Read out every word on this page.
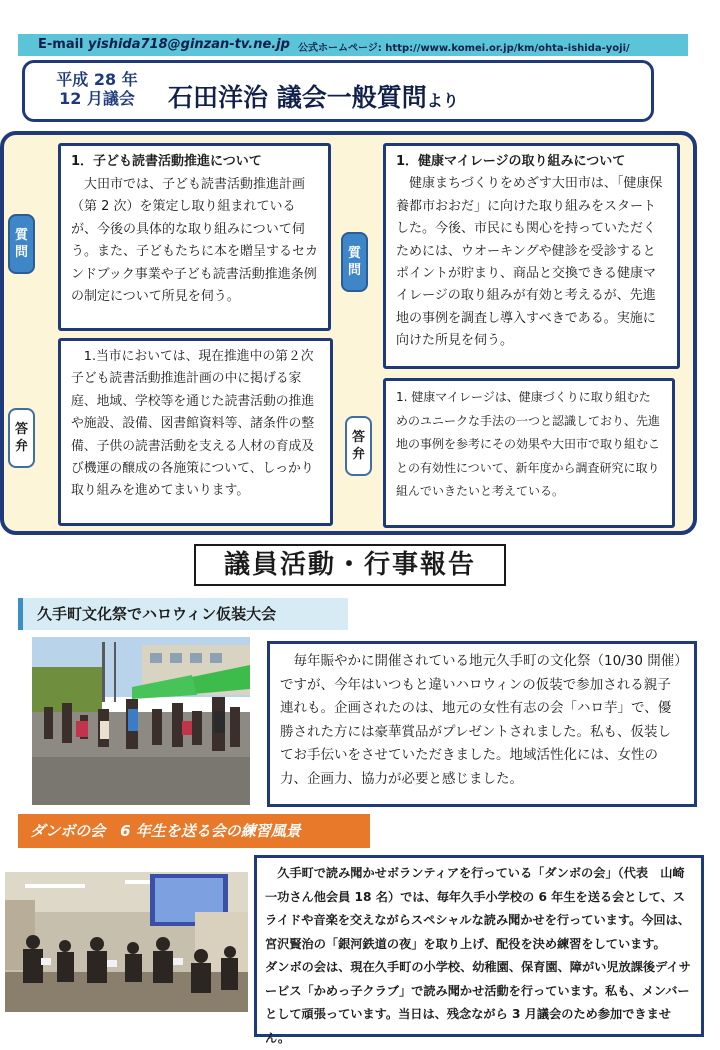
E-mail yishida718@ginzan-tv.ne.jp 公式ホームページ: http://www.komei.or.jp/km/ohta-ishida-yoji/
平成 28 年
12 月議会	石田洋治 議会一般質問より
1．子ども読書活動推進について
大田市では、子ども読書活動推進計画（第 2 次）を策定し取り組まれているが、今後の具体的な取り組みについて伺う。また、子どもたちに本を贈呈するセカンドブック事業や子ども読書活動推進条例の制定について所見を伺う。
質
問
1.当市においては、現在推進中の第２次子ども読書活動推進計画の中に掲げる家庭、地域、学校等を通じた読書活動の推進や施設、設備、図書館資料等、諸条件の整備、子供の読書活動を支える人材の育成及び機運の醸成の各施策について、しっかり取り組みを進めてまいります。
答
弁
1．健康マイレージの取り組みについて
健康まちづくりをめざす大田市は、「健康保養都市おおだ」に向けた取り組みをスタートした。今後、市民にも関心を持っていただくためには、ウオーキングや健診を受診するとポイントが貯まり、商品と交換できる健康マイレージの取り組みが有効と考えるが、先進地の事例を調査し導入すべきである。実施に向けた所見を伺う。
質
問
1. 健康マイレージは、健康づくりに取り組むためのユニークな手法の一つと認識しており、先進地の事例を参考にその効果や大田市で取り組むことの有効性について、新年度から調査研究に取り組んでいきたいと考えている。
答
弁
議員活動・行事報告
久手町文化祭でハロウィン仮装大会
毎年賑やかに開催されている地元久手町の文化祭（10/30 開催）ですが、今年はいつもと違いハロウィンの仮装で参加される親子連れも。企画されたのは、地元の女性有志の会「ハロ芋」で、優勝された方には豪華賞品がプレゼントされました。私も、仮装してお手伝いをさせていただきました。地域活性化には、女性の力、企画力、協力が必要と感じました。
ダンボの会　6 年生を送る会の練習風景
久手町で読み聞かせボランティアを行っている「ダンボの会」（代表　山崎一功さん他会員 18 名）では、毎年久手小学校の 6 年生を送る会として、スライドや音楽を交えながらスペシャルな読み聞かせを行っています。今回は、宮沢賢治の「銀河鉄道の夜」を取り上げ、配役を決め練習をしています。
ダンボの会は、現在久手町の小学校、幼稚園、保育園、障がい児放課後デイサービス「かめっ子クラブ」で読み聞かせ活動を行っています。私も、メンバーとして頑張っています。当日は、残念ながら 3 月議会のため参加できません。
